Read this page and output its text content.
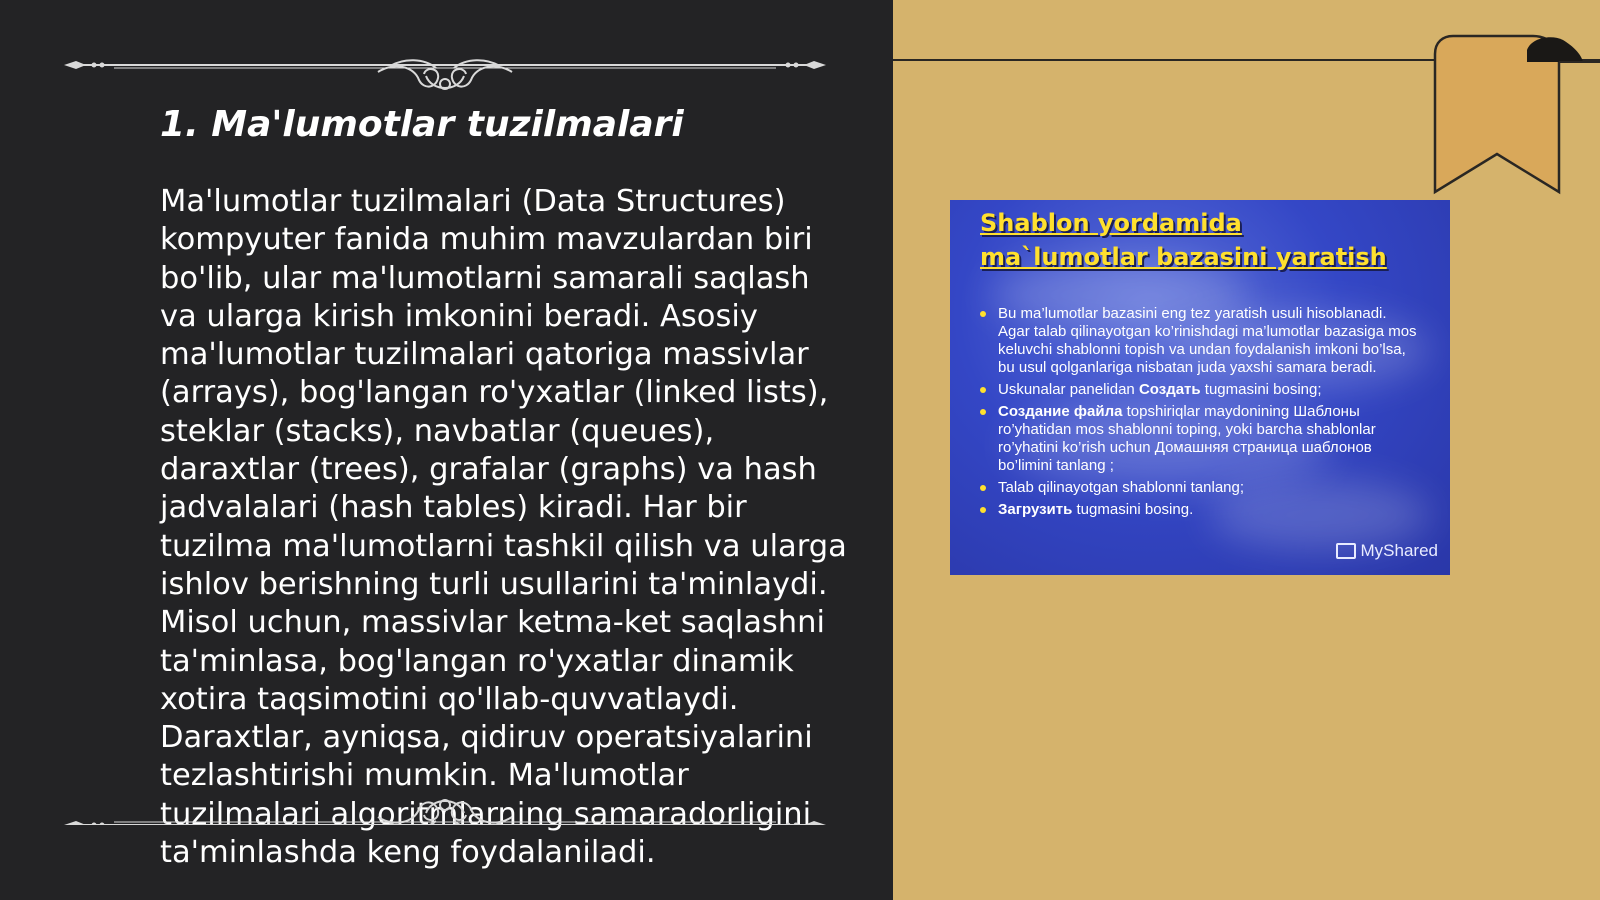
1. Ma'lumotlar tuzilmalari

Ma'lumotlar tuzilmalari (Data Structures) kompyuter fanida muhim mavzulardan biri bo'lib, ular ma'lumotlarni samarali saqlash va ularga kirish imkonini beradi. Asosiy ma'lumotlar tuzilmalari qatoriga massivlar (arrays), bog'langan ro'yxatlar (linked lists), steklar (stacks), navbatlar (queues), daraxtlar (trees), grafalar (graphs) va hash jadvalalari (hash tables) kiradi. Har bir tuzilma ma'lumotlarni tashkil qilish va ularga ishlov berishning turli usullarini ta'minlaydi. Misol uchun, massivlar ketma-ket saqlashni ta'minlasa, bog'langan ro'yxatlar dinamik xotira taqsimotini qo'llab-quvvatlaydi. Daraxtlar, ayniqsa, qidiruv operatsiyalarini tezlashtirishi mumkin. Ma'lumotlar tuzilmalari algoritmlarning samaradorligini ta'minlashda keng foydalaniladi.

Shablon yordamida
ma`lumotlar bazasini yaratish
Bu ma’lumotlar bazasini eng tez yaratish usuli hisoblanadi. Agar talab qilinayotgan ko’rinishdagi ma’lumotlar bazasiga mos keluvchi shablonni topish va undan foydalanish imkoni bo’lsa, bu usul qolganlariga nisbatan juda yaxshi samara beradi.
Uskunalar panelidan Создать tugmasini bosing;
Создание файла topshiriqlar maydonining Шаблоны ro’yhatidan mos shablonni toping, yoki barcha shablonlar ro’yhatini ko’rish uchun Домашняя страница шаблонов bo’limini tanlang ;
Talab qilinayotgan shablonni tanlang;
Загрузить tugmasini bosing.
MyShared
